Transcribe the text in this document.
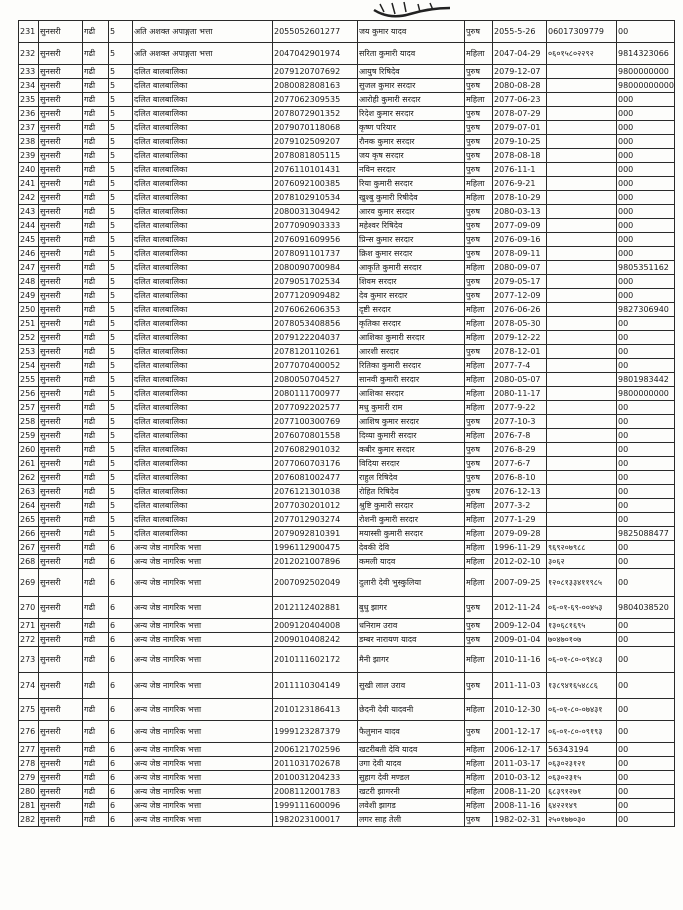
231	सुनसरी	गढी	5	अति अशक्त अपाङ्गता भत्ता	2055052601277	जय कुमार यादव	पुरुष	2055-5-26	06017309779	00
232	सुनसरी	गढी	5	अति अशक्त अपाङ्गता भत्ता	2047042901974	सरिता कुमारी यादव	महिला	2047-04-29	०६०१५८०२२९२	9814323066
233	सुनसरी	गढी	5	दलित बालबालिका	2079120707692	आयुष रिषिदेव	पुरुष	2079-12-07		9800000000
234	सुनसरी	गढी	5	दलित बालबालिका	2080082808163	सुजल कुमार सरदार	पुरुष	2080-08-28		98000000000
235	सुनसरी	गढी	5	दलित बालबालिका	2077062309535	आरोही कुमारी सरदार	महिला	2077-06-23		000
236	सुनसरी	गढी	5	दलित बालबालिका	2078072901352	रिदेश कुमार सरदार	पुरुष	2078-07-29		000
237	सुनसरी	गढी	5	दलित बालबालिका	2079070118068	कृष्ण परियार	पुरुष	2079-07-01		000
238	सुनसरी	गढी	5	दलित बालबालिका	2079102509207	रौनक कुमार सरदार	पुरुष	2079-10-25		000
239	सुनसरी	गढी	5	दलित बालबालिका	2078081805115	जय कृष सरदार	पुरुष	2078-08-18		000
240	सुनसरी	गढी	5	दलित बालबालिका	2076110101431	नविन सरदार	पुरुष	2076-11-1		000
241	सुनसरी	गढी	5	दलित बालबालिका	2076092100385	रिया कुमारी सरदार	महिला	2076-9-21		000
242	सुनसरी	गढी	5	दलित बालबालिका	2078102910534	खुश्बु कुमारी रिषीदेव	महिला	2078-10-29		000
243	सुनसरी	गढी	5	दलित बालबालिका	2080031304942	आरव कुमार सरदार	पुरुष	2080-03-13		000
244	सुनसरी	गढी	5	दलित बालबालिका	2077090903333	महेश्वर रिषिदेव	पुरुष	2077-09-09		000
245	सुनसरी	गढी	5	दलित बालबालिका	2076091609956	प्रिन्स कुमार सरदार	पुरुष	2076-09-16		000
246	सुनसरी	गढी	5	दलित बालबालिका	2078091101737	क्रिश कुमार सरदार	पुरुष	2078-09-11		000
247	सुनसरी	गढी	5	दलित बालबालिका	2080090700984	आकृति कुमारी सरदार	महिला	2080-09-07		9805351162
248	सुनसरी	गढी	5	दलित बालबालिका	2079051702534	शिवम सरदार	पुरुष	2079-05-17		000
249	सुनसरी	गढी	5	दलित बालबालिका	2077120909482	देव कुमार सरदार	पुरुष	2077-12-09		000
250	सुनसरी	गढी	5	दलित बालबालिका	2076062606353	दृष्टी सरदार	महिला	2076-06-26		9827306940
251	सुनसरी	गढी	5	दलित बालबालिका	2078053408856	कृतिका सरदार	महिला	2078-05-30		00
252	सुनसरी	गढी	5	दलित बालबालिका	2079122204037	आशिका कुमारी सरदार	महिला	2079-12-22		00
253	सुनसरी	गढी	5	दलित बालबालिका	2078120110261	आरशी सरदार	पुरुष	2078-12-01		00
254	सुनसरी	गढी	5	दलित बालबालिका	2077070400052	रितिका कुमारी सरदार	महिला	2077-7-4		00
255	सुनसरी	गढी	5	दलित बालबालिका	2080050704527	सानवी कुमारी सरदार	महिला	2080-05-07		9801983442
256	सुनसरी	गढी	5	दलित बालबालिका	2080111700977	आशिका सरदार	महिला	2080-11-17		9800000000
257	सुनसरी	गढी	5	दलित बालबालिका	2077092202577	मधु कुमारी राम	महिला	2077-9-22		00
258	सुनसरी	गढी	5	दलित बालबालिका	2077100300769	आशिष कुमार सरदार	पुरुष	2077-10-3		00
259	सुनसरी	गढी	5	दलित बालबालिका	2076070801558	दिव्या कुमारी सरदार	महिला	2076-7-8		00
260	सुनसरी	गढी	5	दलित बालबालिका	2076082901032	कबीर कुमार सरदार	पुरुष	2076-8-29		00
261	सुनसरी	गढी	5	दलित बालबालिका	2077060703176	विदिया सरदार	पुरुष	2077-6-7		00
262	सुनसरी	गढी	5	दलित बालबालिका	2076081002477	राहुल रिषिदेव	पुरुष	2076-8-10		00
263	सुनसरी	गढी	5	दलित बालबालिका	2076121301038	रोहित रिषिदेव	पुरुष	2076-12-13		00
264	सुनसरी	गढी	5	दलित बालबालिका	2077030201012	श्रुष्टि कुमारी सरदार	महिला	2077-3-2		00
265	सुनसरी	गढी	5	दलित बालबालिका	2077012903274	रोशनी कुमारी सरदार	महिला	2077-1-29		00
266	सुनसरी	गढी	5	दलित बालबालिका	2079092810391	मयास्सी कुमारी सरदार	महिला	2079-09-28		9825088477
267	सुनसरी	गढी	6	अन्य जेष्ठ नागरिक भत्ता	1996112900475	देवकी देवि	महिला	1996-11-29	९६९२०७९८८	00
268	सुनसरी	गढी	6	अन्य जेष्ठ नागरिक भत्ता	2012021007896	कमली यादव	महिला	2012-02-10	३०६२	00
269	सुनसरी	गढी	6	अन्य जेष्ठ नागरिक भत्ता	2007092502049	दुलारी देवी भुस्कुलिया	महिला	2007-09-25	१२०८१३३४११९८५	00
270	सुनसरी	गढी	6	अन्य जेष्ठ नागरिक भत्ता	2012112402881	बुधु झागर	पुरुष	2012-11-24	०६-०१-६९-००४५३	9804038520
271	सुनसरी	गढी	6	अन्य जेष्ठ नागरिक भत्ता	2009120404008	धनिराम उराव	पुरुष	2009-12-04	१३०६८१६९५	00
272	सुनसरी	गढी	6	अन्य जेष्ठ नागरिक भत्ता	2009010408242	डम्बर नारायण यादव	पुरुष	2009-01-04	७०४७०१०७	00
273	सुनसरी	गढी	6	अन्य जेष्ठ नागरिक भत्ता	2010111602172	मैनी झागर	महिला	2010-11-16	०६-०१-८०-०९४८३	00
274	सुनसरी	गढी	6	अन्य जेष्ठ नागरिक भत्ता	2011110304149	सुखी लाल उराव	पुरुष	2011-11-03	१३८९४१६५४८८६	00
275	सुनसरी	गढी	6	अन्य जेष्ठ नागरिक भत्ता	2010123186413	छेदनी देवी यादवनी	महिला	2010-12-30	०६-०१-८०-०७४३१	00
276	सुनसरी	गढी	6	अन्य जेष्ठ नागरिक भत्ता	1999123287379	फैलुमान यादव	पुरुष	2001-12-17	०६-०१-८०-०९१९३	00
277	सुनसरी	गढी	6	अन्य जेष्ठ नागरिक भत्ता	2006121702596	खटरीबती देवि यादव	महिला	2006-12-17	56343194	00
278	सुनसरी	गढी	6	अन्य जेष्ठ नागरिक भत्ता	2011031702678	उगा देवी यादव	महिला	2011-03-17	०६३०२३१२१	00
279	सुनसरी	गढी	6	अन्य जेष्ठ नागरिक भत्ता	2010031204233	सुहाग देवी मण्डल	महिला	2010-03-12	०६३०२३१५	00
280	सुनसरी	गढी	6	अन्य जेष्ठ नागरिक भत्ता	2008112001783	खटरी झागरनी	महिला	2008-11-20	६८३९१२७१	00
281	सुनसरी	गढी	6	अन्य जेष्ठ नागरिक भत्ता	1999111600096	लवेशी झागड	महिला	2008-11-16	६४२२१४९	00
282	सुनसरी	गढी	6	अन्य जेष्ठ नागरिक भत्ता	1982023100017	लगर साह तेली	पुरुष	1982-02-31	२५०१७७०३०	00
